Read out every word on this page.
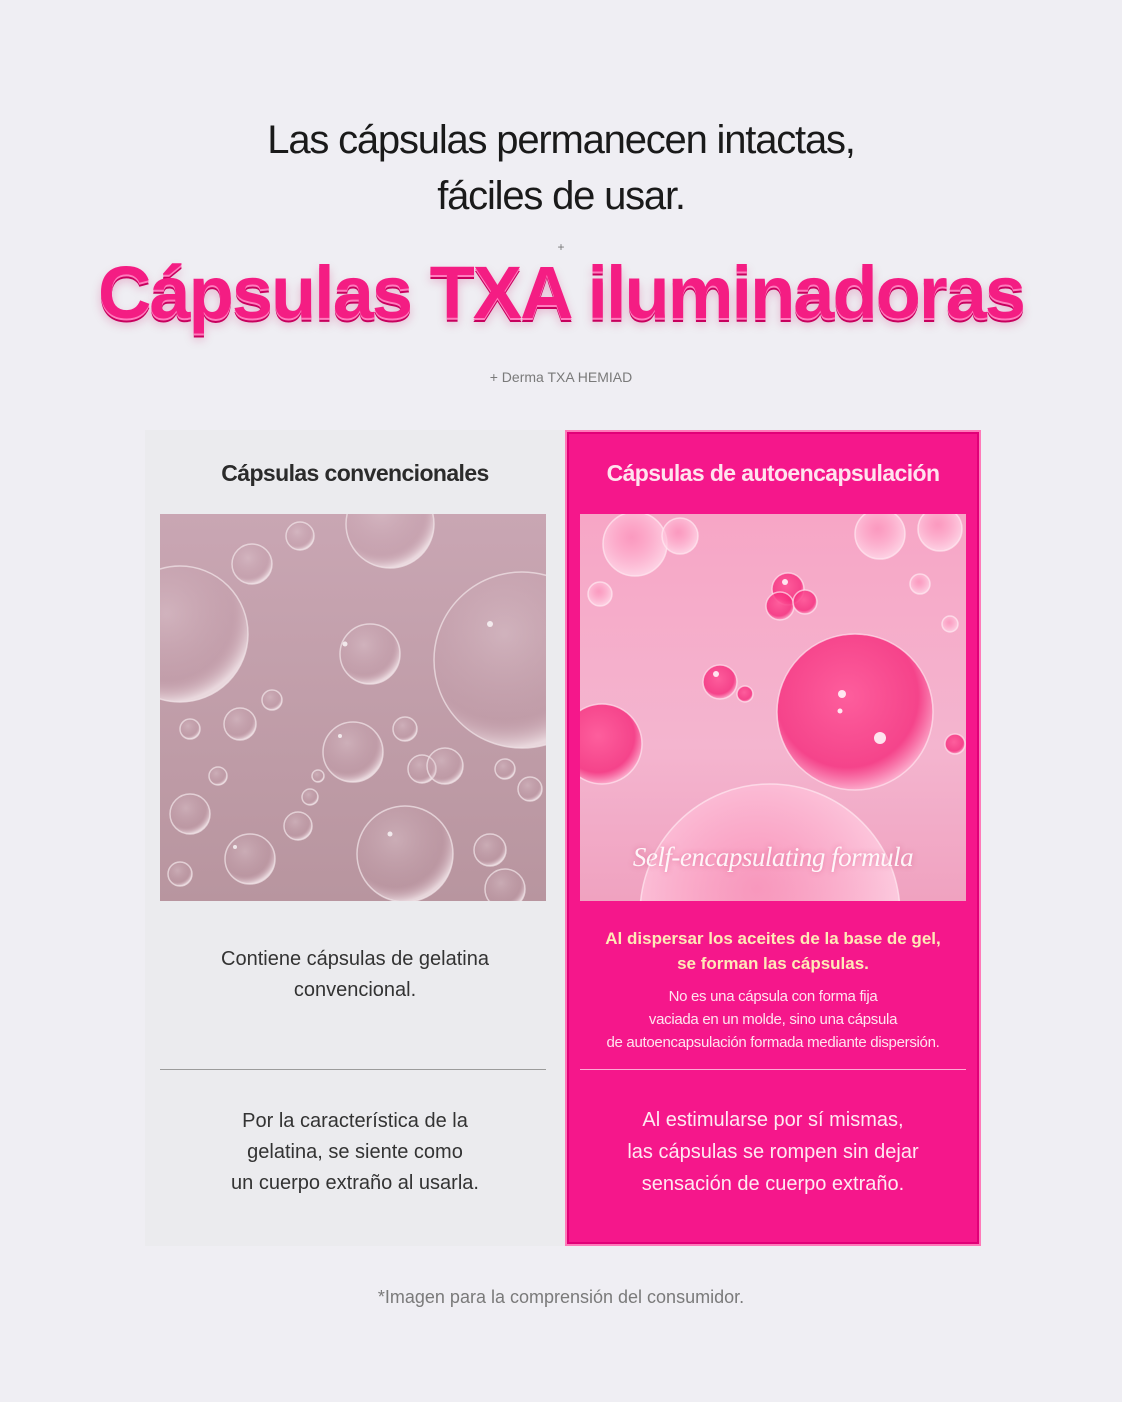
Las cápsulas permanecen intactas,
fáciles de usar.
+
Cápsulas TXA iluminadoras
+ Derma TXA HEMIAD
Cápsulas convencionales
Contiene cápsulas de gelatina
convencional.
Por la característica de la
gelatina, se siente como
un cuerpo extraño al usarla.
Cápsulas de autoencapsulación
Self-encapsulating formula
Al dispersar los aceites de la base de gel,
se forman las cápsulas.
No es una cápsula con forma fija
vaciada en un molde, sino una cápsula
de autoencapsulación formada mediante dispersión.
Al estimularse por sí mismas,
las cápsulas se rompen sin dejar
sensación de cuerpo extraño.
*Imagen para la comprensión del consumidor.
